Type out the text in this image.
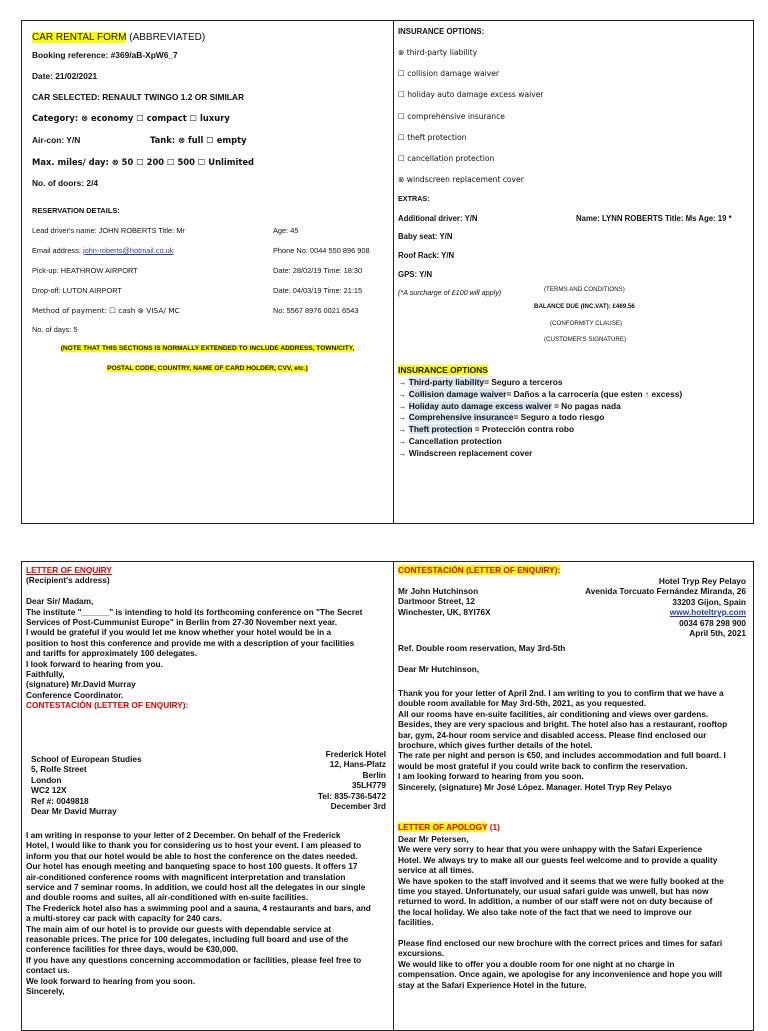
CAR RENTAL FORM (ABBREVIATED)
Booking reference: #369/aB-XpW6_7
Date: 21/02/2021
CAR SELECTED: RENAULT TWINGO 1.2 OR SIMILAR
Category: ⊗ economy ☐ compact ☐ luxury
Air-con: Y/N	Tank: ⊗ full ☐ empty
Max. miles/ day: ⊗ 50 ☐ 200 ☐ 500 ☐ Unlimited
No. of doors: 2/4
RESERVATION DETAILS:
Lead driver's name: JOHN ROBERTS Title: Mr	Age: 45
Email address: john-roberts@hotmail.co.uk	Phone No: 0044 550 896 908
Pick-up: HEATHROW AIRPORT	Date: 28/02/19 Time: 18:30
Drop-off: LUTON AIRPORT	Date: 04/03/19 Time: 21:15
Method of payment: ☐ cash ⊗ VISA/ MC	No: 5567 8976 0021 6543
No. of days: 5
(NOTE THAT THIS SECTIONS IS NORMALLY EXTENDED TO INCLUDE ADDRESS, TOWN/CITY,
POSTAL CODE, COUNTRY, NAME OF CARD HOLDER, CVV, etc.)
INSURANCE OPTIONS:
⊗ third-party liability
☐ collision damage waiver
☐ holiday auto damage excess waiver
☐ comprehensive insurance
☐ theft protection
☐ cancellation protection
⊗ windscreen replacement cover
EXTRAS:
Additional driver: Y/N	Name: LYNN ROBERTS Title: Ms Age: 19 *
Baby seat: Y/N
Roof Rack: Y/N
GPS: Y/N
(*A surcharge of £100 will apply)	(TERMS AND CONDITIONS)
BALANCE DUE (INC.VAT): £469.56
(CONFORMITY CLAUSE)
(CUSTOMER'S SIGNATURE)
INSURANCE OPTIONS
→ Third-party liability= Seguro a terceros
→ Collision damage waiver= Daños a la carrocería (que esten ↑ excess)
→ Holiday auto damage excess waiver = No pagas nada
→ Comprehensive insurance= Seguro a todo riesgo
→ Theft protection = Protección contra robo
→ Cancellation protection
→ Windscreen replacement cover
LETTER OF ENQUIRY
(Recipient's address)

Dear Sir/ Madam,
The institute "______" is intending to hold its forthcoming conference on "The Secret
Services of Post-Cummunist Europe" in Berlin from 27-30 November next year.
I would be grateful if you would let me know whether your hotel would be in a
position to host this conference and provide me with a description of your facilities
and tariffs for approximately 100 delegates.
I look forward to hearing from you.
Faithfully,
(signature) Mr.David Murray
Conference Coordinator.
CONTESTACIÓN (LETTER OF ENQUIRY):
School of European Studies
5, Rolfe Street
London
WC2 12X
Ref #: 0049818
Dear Mr David Murray
Frederick Hotel
12, Hans-Platz
Berlin
35LH779
Tel: 835-736-5472
December 3rd
I am writing in response to your letter of 2 December. On behalf of the Frederick
Hotel, I would like to thank you for considering us to host your event. I am pleased to
inform you that our hotel would be able to host the conference on the dates needed.
Our hotel has enough meeting and banqueting space to host 100 guests. It offers 17
air-conditioned conference rooms with magnificent interpretation and translation
service and 7 seminar rooms. In addition, we could host all the delegates in our single
and double rooms and suites, all air-conditioned with en-suite facilities.
The Frederick hotel also has a swimming pool and a sauna, 4 restaurants and bars, and
a multi-storey car pack with capacity for 240 cars.
The main aim of our hotel is to provide our guests with dependable service at
reasonable prices. The price for 100 delegates, including full board and use of the
conference facilities for three days, would be €30,000.
If you have any questions concerning accommodation or facilities, please feel free to
contact us.
We look forward to hearing from you soon.
Sincerely,
CONTESTACIÓN (LETTER OF ENQUIRY):
Hotel Tryp Rey Pelayo
Avenida Torcuato Fernández Miranda, 26
33203 Gijon, Spain
www.hoteltryp.com
0034 678 298 900
April 5th, 2021
Mr John Hutchinson
Dartmoor Street, 12
Winchester, UK, 8YI76X
Ref. Double room reservation, May 3rd-5th
Dear Mr Hutchinson,
Thank you for your letter of April 2nd. I am writing to you to confirm that we have a
double room available for May 3rd-5th, 2021, as you requested.
All our rooms have en-suite facilities, air conditioning and views over gardens.
Besides, they are very spacious and bright. The hotel also has a restaurant, rooftop
bar, gym, 24-hour room service and disabled access. Please find enclosed our
brochure, which gives further details of the hotel.
The rate per night and person is €50, and includes accommodation and full board. I
would be most grateful if you could write back to confirm the reservation.
I am looking forward to hearing from you soon.
Sincerely, (signature) Mr José López. Manager. Hotel Tryp Rey Pelayo
LETTER OF APOLOGY (1)
Dear Mr Petersen,
We were very sorry to hear that you were unhappy with the Safari Experience
Hotel. We always try to make all our guests feel welcome and to provide a quality
service at all times.
We have spoken to the staff involved and it seems that we were fully booked at the
time you stayed. Unfortunately, our usual safari guide was unwell, but has now
returned to word. In addition, a number of our staff were not on duty because of
the local holiday. We also take note of the fact that we need to improve our
facilities.

Please find enclosed our new brochure with the correct prices and times for safari
excursions.
We would like to offer you a double room for one night at no charge in
compensation. Once again, we apologise for any inconvenience and hope you will
stay at the Safari Experience Hotel in the future.
